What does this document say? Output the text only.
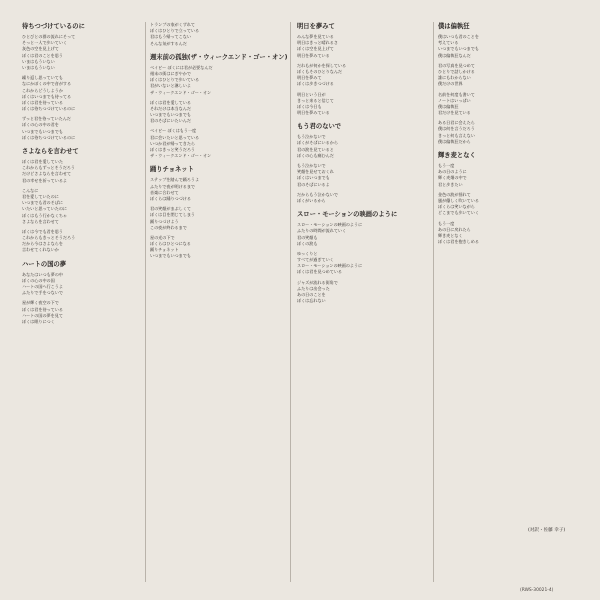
待ちつづけているのに
ひとびとの群の流れにそって
そっと一人で歩いていく
灰色の空を見上げて
ぼくは君のことを思う
いまはもういない
いまはもういない
繰り返し思っていても
なにかぼくの中で音がする
これからどうしようか
ぼくはいつまでも待ってる
ぼくは君を待っている
ぼくは待ちつづけているのに
ずっと君を待っていたんだ
ぼくの心の中の君を
いつまでもいつまでも
ぼくは待ちつづけているのに
さよならを言わせて
ぼくは君を愛していた
これからもずっとそうだろう
だけどさよならを言わせて
君の幸せを祈っているよ
こんなに
君を愛していたのに
いつまでも君のそばに
いたいと思っていたのに
ぼくはもう行かなくちゃ
さよならを言わせて
ぼくは今でも君を思う
これからもきっとそうだろう
だから今はさよならを
言わせてくれないか
ハートの国の夢
あなたはいつも夢の中
ぼくの心の中の国
ハートの国へ行こうよ
ふたりで手をつないで
星が輝く夜空の下で
ぼくは君を待っている
ハートの国の夢を見て
ぼくは眠りにつく
トランプの家がくずれて
ぼくはひとりで立っている
君はもう帰ってこない
そんな気がするんだ
週末前の孤独(ザ・ウィークエンド・ゴー・オン)
ベイビー ぼくには君が必要なんだ
週末の街はにぎやかで
ぼくはひとりで歩いている
君がいないと淋しいよ
ザ・ウィークエンド・ゴー・オン
ぼくは君を愛している
それだけは本当なんだ
いつまでもいつまでも
君のそばにいたいんだ
ベイビー ぼくはもう一度
君に会いたいと思っている
いつか君が帰ってきたら
ぼくはきっと笑うだろう
ザ・ウィークエンド・ゴー・オン
踊りチョネット
ステップを踏んで踊ろうよ
ふたりで夜が明けるまで
音楽に合わせて
ぼくらは踊りつづける
君の笑顔がまぶしくて
ぼくは目を閉じてしまう
踊りつづけよう
この夜が終わるまで
星の光の下で
ぼくらはひとつになる
踊りチョネット
いつまでもいつまでも
明日を夢みて
みんな夢を見ている
明日はきっと晴れるさ
ぼくは空を見上げて
明日を夢みている
だれもが何かを探している
ぼくもそのひとりなんだ
明日を夢みて
ぼくは歩きつづける
明日という日が
きっと来ると信じて
ぼくは今日も
明日を夢みている
もう君のないで
もう泣かないで
ぼくがそばにいるから
君の涙を見ていると
ぼくの心も痛むんだ
もう泣かないで
笑顔を見せておくれ
ぼくはいつまでも
君のそばにいるよ
だからもう泣かないで
ぼくがいるから
スロー・モーションの映画のように
スロー・モーションの映画のように
ふたりの時間が流れていく
君の笑顔も
ぼくの涙も
ゆっくりと
すべてが過ぎていく
スロー・モーションの映画のように
ぼくは君を見つめている
ジャズが流れる街角で
ふたりは出会った
あの日のことを
ぼくは忘れない
僕は偏執狂
僕はいつも君のことを
考えている
いつまでもいつまでも
僕は偏執狂なんだ
君の写真を見つめて
ひとりで話しかける
誰にもわからない
僕だけの世界
名前を何度も書いて
ノートはいっぱい
僕は偏執狂
君だけを見ている
ある日君に会えたら
僕は何を言うだろう
きっと何も言えない
僕は偏執狂だから
輝き麦となく
もう一度
あの日のように
輝く麦畑の中で
君と歩きたい
金色の波が揺れて
風が優しく吹いている
ぼくらは笑いながら
どこまでも歩いていく
もう一度
あの日に戻れたら
輝き麦となく
ぼくは君を抱きしめる
(対訳・佐藤 幸子)
(RWS-30021-4)
